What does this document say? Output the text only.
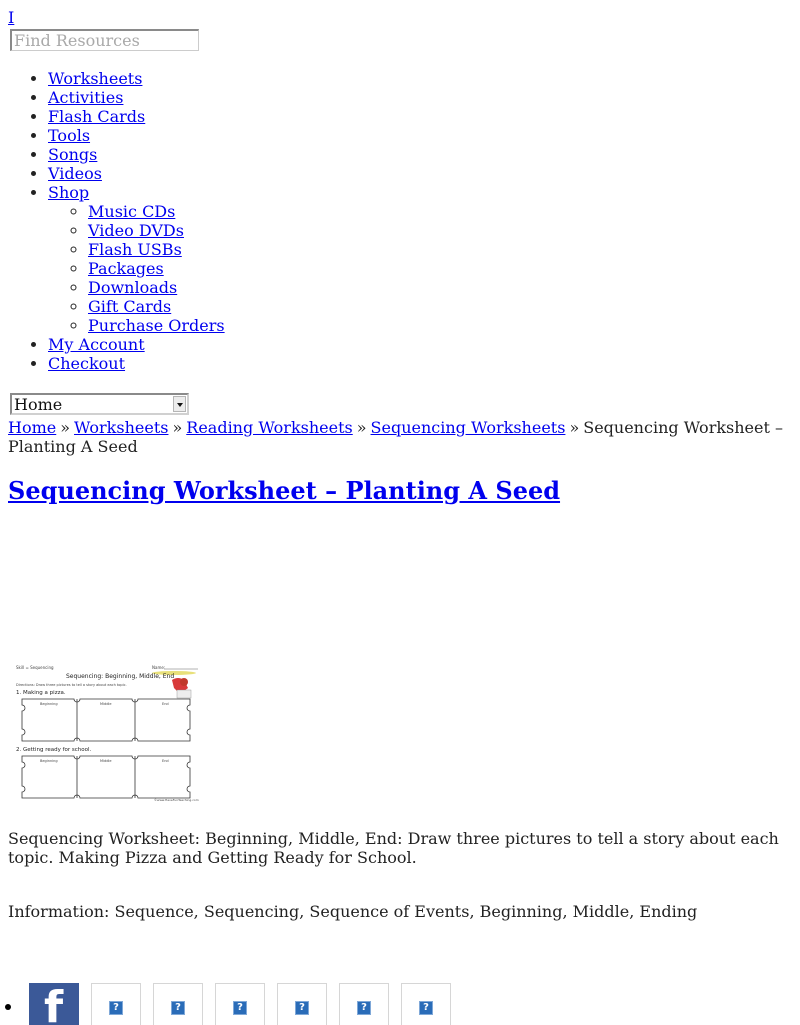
I
Find Resources
• Worksheets
• Activities
• Flash Cards
• Tools
• Songs
• Videos
• Shop
◦ Music CDs
◦ Video DVDs
◦ Flash USBs
◦ Packages
◦ Downloads
◦ Gift Cards
◦ Purchase Orders
• My Account
• Checkout
Home
Home » Worksheets » Reading Worksheets » Sequencing Worksheets » Sequencing Worksheet – Planting A Seed
Sequencing Worksheet – Planting A Seed
Skill = Sequencing	Name:
Sequencing: Beginning, Middle, End
Directions: Draw three pictures to tell a story about each topic.
1. Making a pizza.
Beginning	Middle	End
2. Getting ready for school.
Beginning	Middle	End
©www.HaveFunTeaching.com

Sequencing Worksheet: Beginning, Middle, End: Draw three pictures to tell a story about each topic. Making Pizza and Getting Ready for School.

Information: Sequence, Sequencing, Sequence of Events, Beginning, Middle, Ending

f	?	?	?	?	?	?
